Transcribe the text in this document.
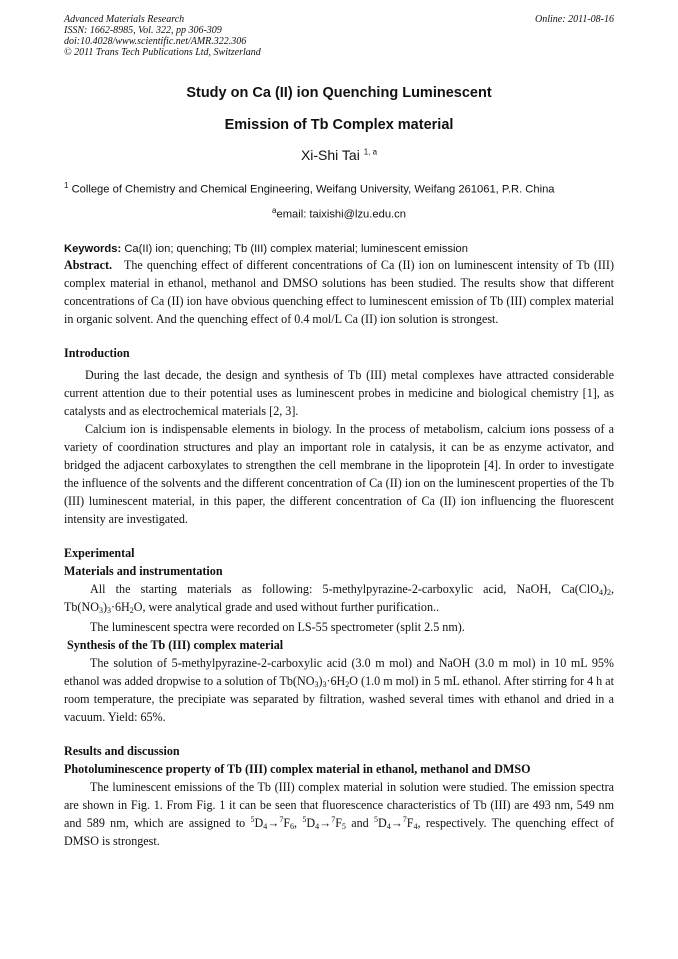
Advanced Materials Research
ISSN: 1662-8985, Vol. 322, pp 306-309
doi:10.4028/www.scientific.net/AMR.322.306
© 2011 Trans Tech Publications Ltd, Switzerland
Online: 2011-08-16
Study on Ca (II) ion Quenching Luminescent
Emission of Tb Complex material
Xi-Shi Tai $^{1, a}$
$^1$ College of Chemistry and Chemical Engineering, Weifang University, Weifang 261061, P.R. China
$^a$email: taixishi@lzu.edu.cn
Keywords: Ca(II) ion; quenching; Tb (III) complex material; luminescent emission

Abstract. The quenching effect of different concentrations of Ca (II) ion on luminescent intensity of Tb (III) complex material in ethanol, methanol and DMSO solutions has been studied. The results show that different concentrations of Ca (II) ion have obvious quenching effect to luminescent emission of Tb (III) complex material in organic solvent. And the quenching effect of 0.4 mol/L Ca (II) ion solution is strongest.

Introduction

During the last decade, the design and synthesis of Tb (III) metal complexes have attracted considerable current attention due to their potential uses as luminescent probes in medicine and biological chemistry [1], as catalysts and as electrochemical materials [2, 3].

Calcium ion is indispensable elements in biology. In the process of metabolism, calcium ions possess of a variety of coordination structures and play an important role in catalysis, it can be as enzyme activator, and bridged the adjacent carboxylates to strengthen the cell membrane in the lipoprotein [4]. In order to investigate the influence of the solvents and the different concentration of Ca (II) ion on the luminescent properties of the Tb (III) luminescent material, in this paper, the different concentration of Ca (II) ion influencing the fluorescent intensity are investigated.

Experimental
Materials and instrumentation

All the starting materials as following: 5-methylpyrazine-2-carboxylic acid, NaOH, $Ca(ClO_4)_2$, $Tb(NO_3)_3\cdot 6H_2O$, were analytical grade and used without further purification..

The luminescent spectra were recorded on LS-55 spectrometer (split 2.5 nm).

Synthesis of the Tb (III) complex material

The solution of 5-methylpyrazine-2-carboxylic acid (3.0 m mol) and NaOH (3.0 m mol) in 10 mL 95% ethanol was added dropwise to a solution of $Tb(NO_3)_3\cdot 6H_2O$ (1.0 m mol) in 5 mL ethanol. After stirring for 4 h at room temperature, the precipiate was separated by filtration, washed several times with ethanol and dried in a vacuum. Yield: 65%.

Results and discussion
Photoluminescence property of Tb (III) complex material in ethanol, methanol and DMSO

The luminescent emissions of the Tb (III) complex material in solution were studied. The emission spectra are shown in Fig. 1. From Fig. 1 it can be seen that fluorescence characteristics of Tb (III) are 493 nm, 549 nm and 589 nm, which are assigned to $^5D_4\to^7F_6$, $^5D_4\to^7F_5$ and $^5D_4\to^7F_4$, respectively. The quenching effect of DMSO is strongest.
